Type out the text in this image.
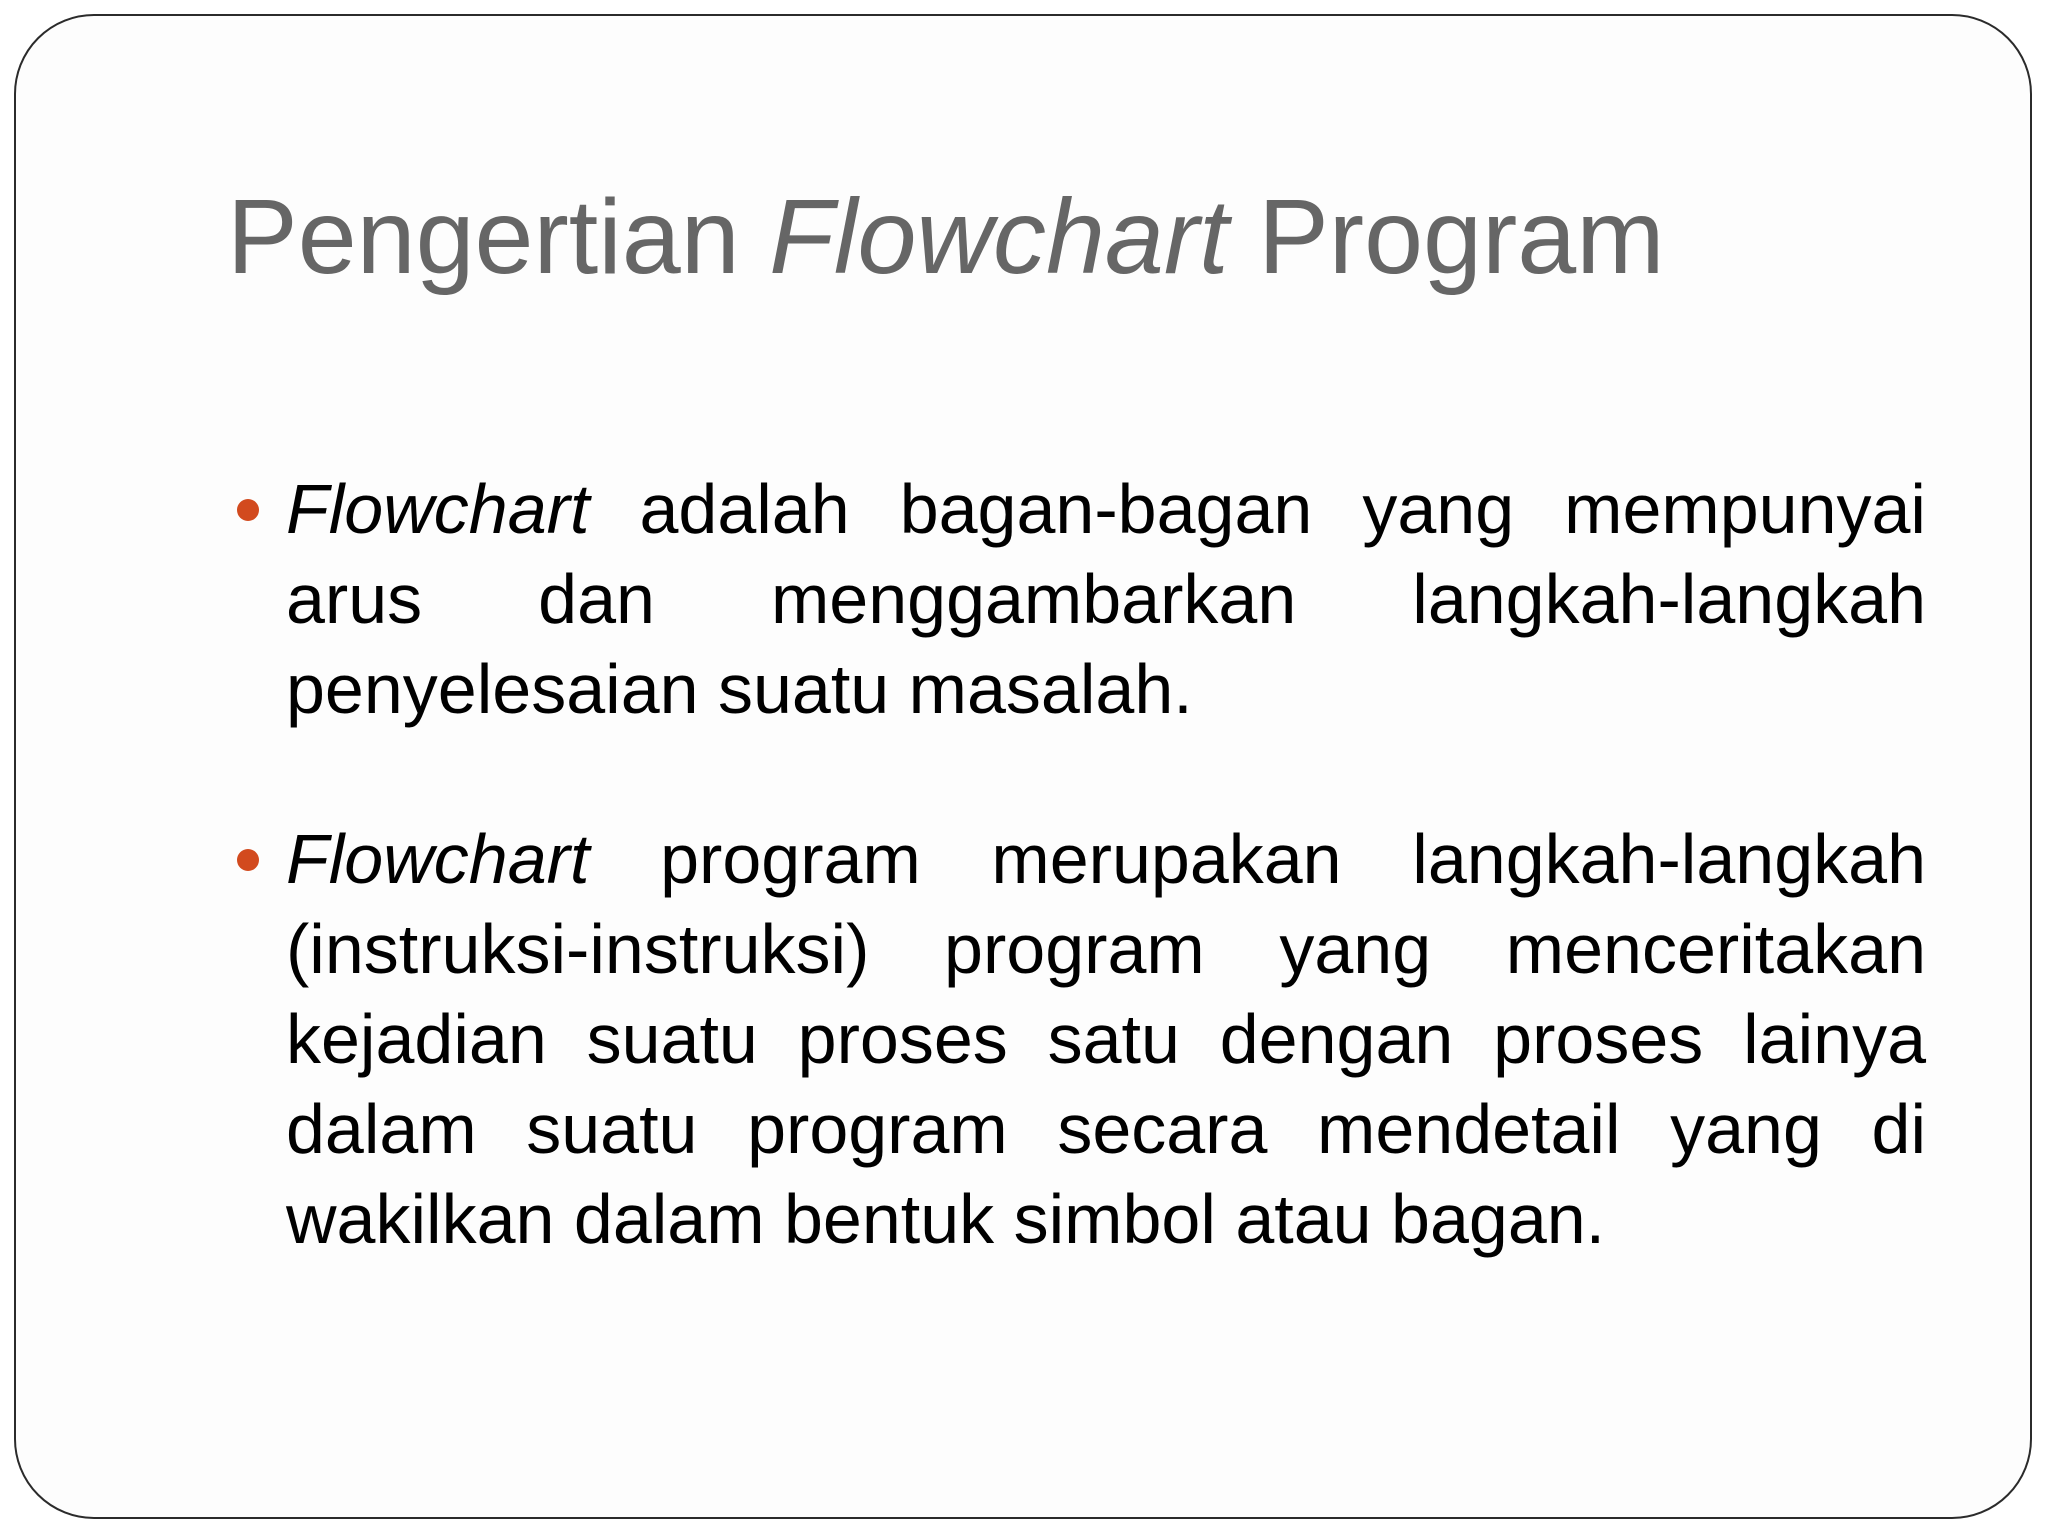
Pengertian Flowchart Program
Flowchart adalah bagan-bagan yang mempunyai arus dan menggambarkan langkah-langkah penyelesaian suatu masalah.
Flowchart program merupakan langkah-langkah (instruksi-instruksi) program yang menceritakan kejadian suatu proses satu dengan proses lainya dalam suatu program secara mendetail yang di wakilkan dalam bentuk simbol atau bagan.
